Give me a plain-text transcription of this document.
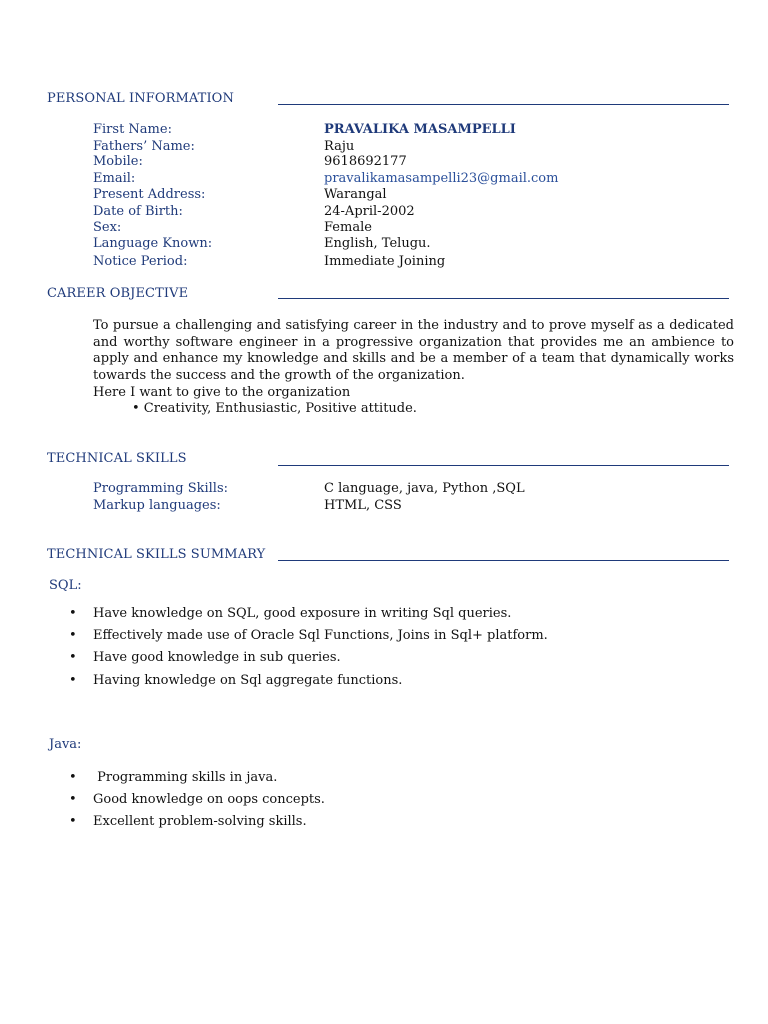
PERSONAL INFORMATION
First Name:	PRAVALIKA MASAMPELLI
Fathers’ Name:	Raju
Mobile:	9618692177
Email:	pravalikamasampelli23@gmail.com
Present Address:	Warangal
Date of Birth:	24-April-2002
Sex:	Female
Language Known:	English, Telugu.
Notice Period:	Immediate Joining
CAREER OBJECTIVE
To pursue a challenging and satisfying career in the industry and to prove myself as a dedicated and worthy software engineer in a progressive organization that provides me an ambience to apply and enhance my knowledge and skills and be a member of a team that dynamically works towards the success and the growth of the organization.
Here I want to give to the organization
• Creativity, Enthusiastic, Positive attitude.
TECHNICAL SKILLS
Programming Skills:	C language, java, Python ,SQL
Markup languages:	HTML, CSS
TECHNICAL SKILLS SUMMARY
SQL:
• Have knowledge on SQL, good exposure in writing Sql queries.
• Effectively made use of Oracle Sql Functions, Joins in Sql+ platform.
• Have good knowledge in sub queries.
• Having knowledge on Sql aggregate functions.
Java:
• Programming skills in java.
• Good knowledge on oops concepts.
• Excellent problem-solving skills.
